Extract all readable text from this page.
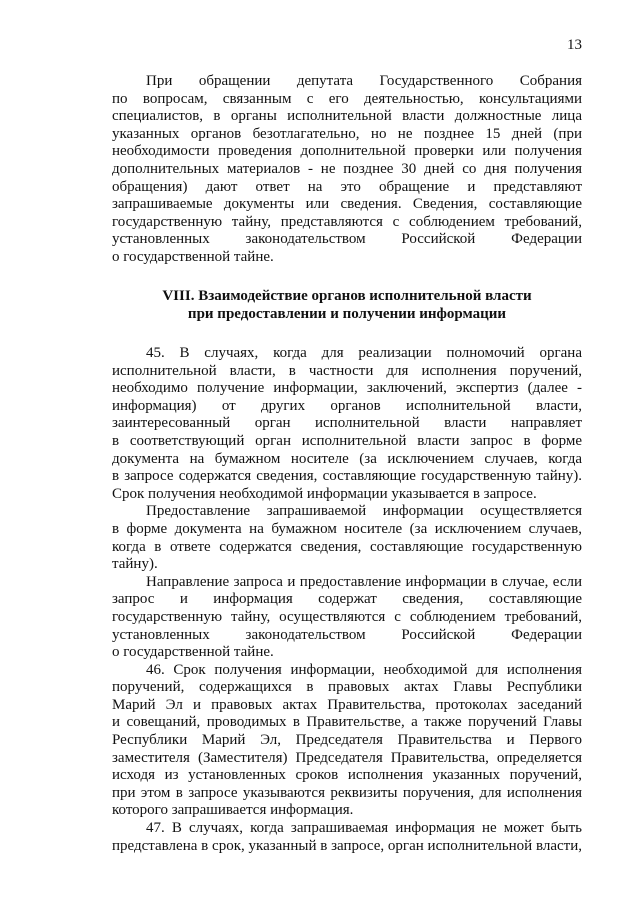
13
При обращении депутата Государственного Собрания
по вопросам, связанным с его деятельностью, консультациями
специалистов, в органы исполнительной власти должностные лица
указанных органов безотлагательно, но не позднее 15 дней (при
необходимости проведения дополнительной проверки или получения
дополнительных материалов - не позднее 30 дней со дня получения
обращения) дают ответ на это обращение и представляют
запрашиваемые документы или сведения. Сведения, составляющие
государственную тайну, представляются с соблюдением требований,
установленных законодательством Российской Федерации
о государственной тайне.
VIII. Взаимодействие органов исполнительной власти
при предоставлении и получении информации
45. В случаях, когда для реализации полномочий органа
исполнительной власти, в частности для исполнения поручений,
необходимо получение информации, заключений, экспертиз (далее -
информация) от других органов исполнительной власти,
заинтересованный орган исполнительной власти направляет
в соответствующий орган исполнительной власти запрос в форме
документа на бумажном носителе (за исключением случаев, когда
в запросе содержатся сведения, составляющие государственную тайну).
Срок получения необходимой информации указывается в запросе.
Предоставление запрашиваемой информации осуществляется
в форме документа на бумажном носителе (за исключением случаев,
когда в ответе содержатся сведения, составляющие государственную
тайну).
Направление запроса и предоставление информации в случае, если
запрос и информация содержат сведения, составляющие
государственную тайну, осуществляются с соблюдением требований,
установленных законодательством Российской Федерации
о государственной тайне.
46. Срок получения информации, необходимой для исполнения
поручений, содержащихся в правовых актах Главы Республики
Марий Эл и правовых актах Правительства, протоколах заседаний
и совещаний, проводимых в Правительстве, а также поручений Главы
Республики Марий Эл, Председателя Правительства и Первого
заместителя (Заместителя) Председателя Правительства, определяется
исходя из установленных сроков исполнения указанных поручений,
при этом в запросе указываются реквизиты поручения, для исполнения
которого запрашивается информация.
47. В случаях, когда запрашиваемая информация не может быть
представлена в срок, указанный в запросе, орган исполнительной власти,
